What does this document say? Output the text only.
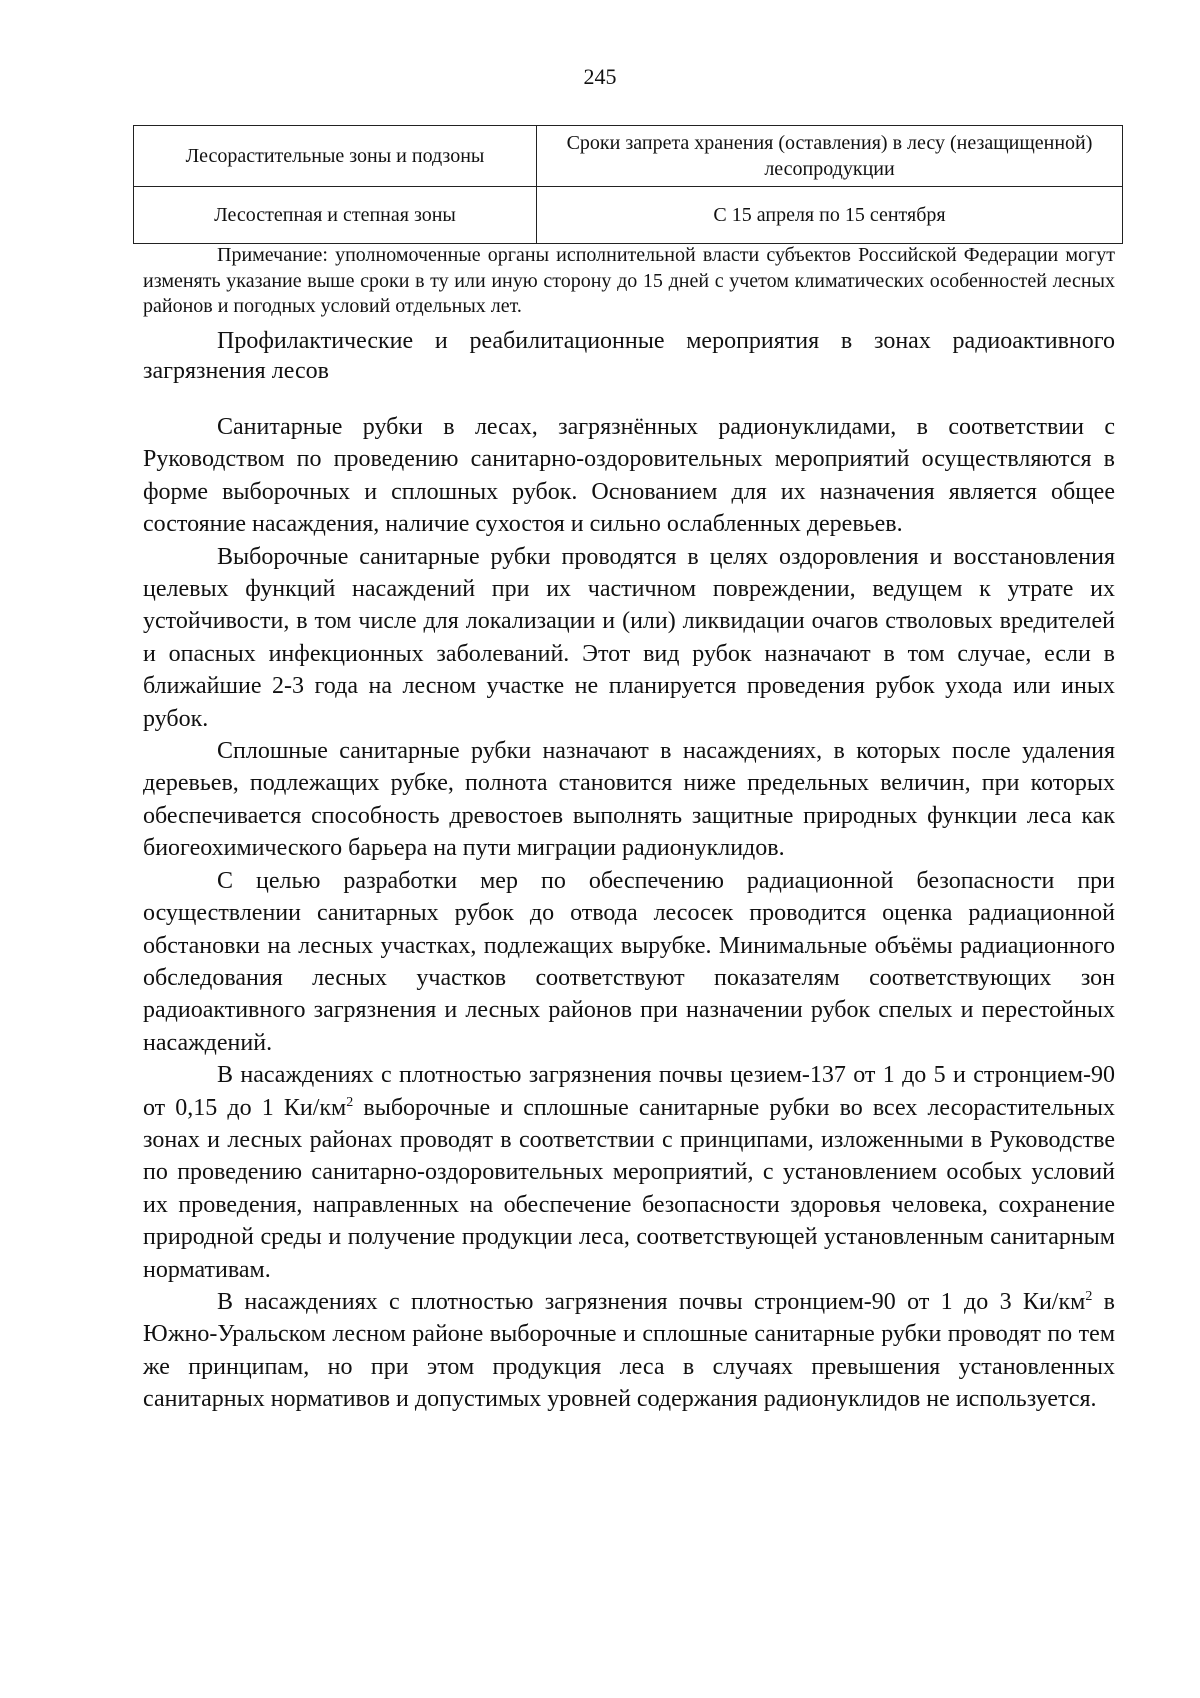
245
Лесорастительные зоны и подзоны	Сроки запрета хранения (оставления) в лесу (незащищенной) лесопродукции
Лесостепная и степная зоны	С 15 апреля по 15 сентября
Примечание: уполномоченные органы исполнительной власти субъектов Российской Федерации могут изменять указание выше сроки в ту или иную сторону до 15 дней с учетом климатических особенностей лесных районов и погодных условий отдельных лет.
Профилактические и реабилитационные мероприятия в зонах радиоактивного загрязнения лесов

Санитарные рубки в лесах, загрязнённых радионуклидами, в соответствии с Руководством по проведению санитарно-оздоровительных мероприятий осуществляются в форме выборочных и сплошных рубок. Основанием для их назначения является общее состояние насаждения, наличие сухостоя и сильно ослабленных деревьев.

Выборочные санитарные рубки проводятся в целях оздоровления и восстановления целевых функций насаждений при их частичном повреждении, ведущем к утрате их устойчивости, в том числе для локализации и (или) ликвидации очагов стволовых вредителей и опасных инфекционных заболеваний. Этот вид рубок назначают в том случае, если в ближайшие 2-3 года на лесном участке не планируется проведения рубок ухода или иных рубок.

Сплошные санитарные рубки назначают в насаждениях, в которых после удаления деревьев, подлежащих рубке, полнота становится ниже предельных величин, при которых обеспечивается способность древостоев выполнять защитные природных функции леса как биогеохимического барьера на пути миграции радионуклидов.

С целью разработки мер по обеспечению радиационной безопасности при осуществлении санитарных рубок до отвода лесосек проводится оценка радиационной обстановки на лесных участках, подлежащих вырубке. Минимальные объёмы радиационного обследования лесных участков соответствуют показателям соответствующих зон радиоактивного загрязнения и лесных районов при назначении рубок спелых и перестойных насаждений.

В насаждениях с плотностью загрязнения почвы цезием-137 от 1 до 5 и стронцием-90 от 0,15 до 1 $Ки/км^2$ выборочные и сплошные санитарные рубки во всех лесорастительных зонах и лесных районах проводят в соответствии с принципами, изложенными в Руководстве по проведению санитарно-оздоровительных мероприятий, с установлением особых условий их проведения, направленных на обеспечение безопасности здоровья человека, сохранение природной среды и получение продукции леса, соответствующей установленным санитарным нормативам.

В насаждениях с плотностью загрязнения почвы стронцием-90 от 1 до 3 $Ки/км^2$ в Южно-Уральском лесном районе выборочные и сплошные санитарные рубки проводят по тем же принципам, но при этом продукция леса в случаях превышения установленных санитарных нормативов и допустимых уровней содержания радионуклидов не используется.
